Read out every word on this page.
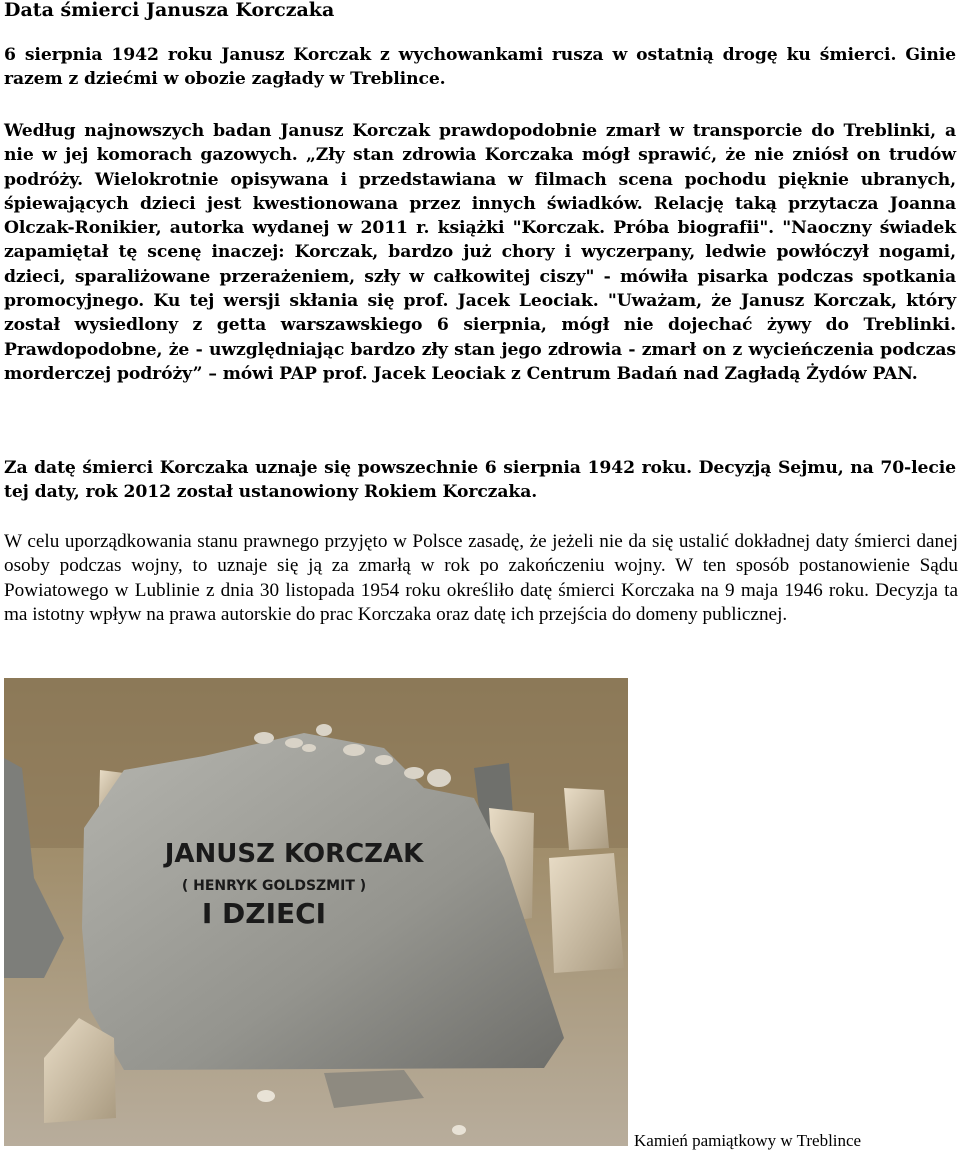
Data śmierci Janusza Korczaka
6 sierpnia 1942 roku Janusz Korczak z wychowankami rusza w ostatnią drogę ku śmierci. Ginie razem z dziećmi w obozie zagłady w Treblince.
Według najnowszych badan Janusz Korczak prawdopodobnie zmarł w transporcie do Treblinki, a nie w jej komorach gazowych. „Zły stan zdrowia Korczaka mógł sprawić, że nie zniósł on trudów podróży. Wielokrotnie opisywana i przedstawiana w filmach scena pochodu pięknie ubranych, śpiewających dzieci jest kwestionowana przez innych świadków. Relację taką przytacza Joanna Olczak-Ronikier, autorka wydanej w 2011 r. książki "Korczak. Próba biografii". "Naoczny świadek zapamiętał tę scenę inaczej: Korczak, bardzo już chory i wyczerpany, ledwie powłóczył nogami, dzieci, sparaliżowane przerażeniem, szły w całkowitej ciszy" - mówiła pisarka podczas spotkania promocyjnego. Ku tej wersji skłania się prof. Jacek Leociak. "Uważam, że Janusz Korczak, który został wysiedlony z getta warszawskiego 6 sierpnia, mógł nie dojechać żywy do Treblinki. Prawdopodobne, że - uwzględniając bardzo zły stan jego zdrowia - zmarł on z wycieńczenia podczas morderczej podróży” – mówi PAP prof. Jacek Leociak z Centrum Badań nad Zagładą Żydów PAN.
Za datę śmierci Korczaka uznaje się powszechnie 6 sierpnia 1942 roku. Decyzją Sejmu, na 70-lecie tej daty, rok 2012 został ustanowiony Rokiem Korczaka.
W celu uporządkowania stanu prawnego przyjęto w Polsce zasadę, że jeżeli nie da się ustalić dokładnej daty śmierci danej osoby podczas wojny, to uznaje się ją za zmarłą w rok po zakończeniu wojny. W ten sposób postanowienie Sądu Powiatowego w Lublinie z dnia 30 listopada 1954 roku określiło datę śmierci Korczaka na 9 maja 1946 roku. Decyzja ta ma istotny wpływ na prawa autorskie do prac Korczaka oraz datę ich przejścia do domeny publicznej.
JANUSZ KORCZAK
( HENRYK GOLDSZMIT )
I DZIECI
Kamień pamiątkowy w Treblince
